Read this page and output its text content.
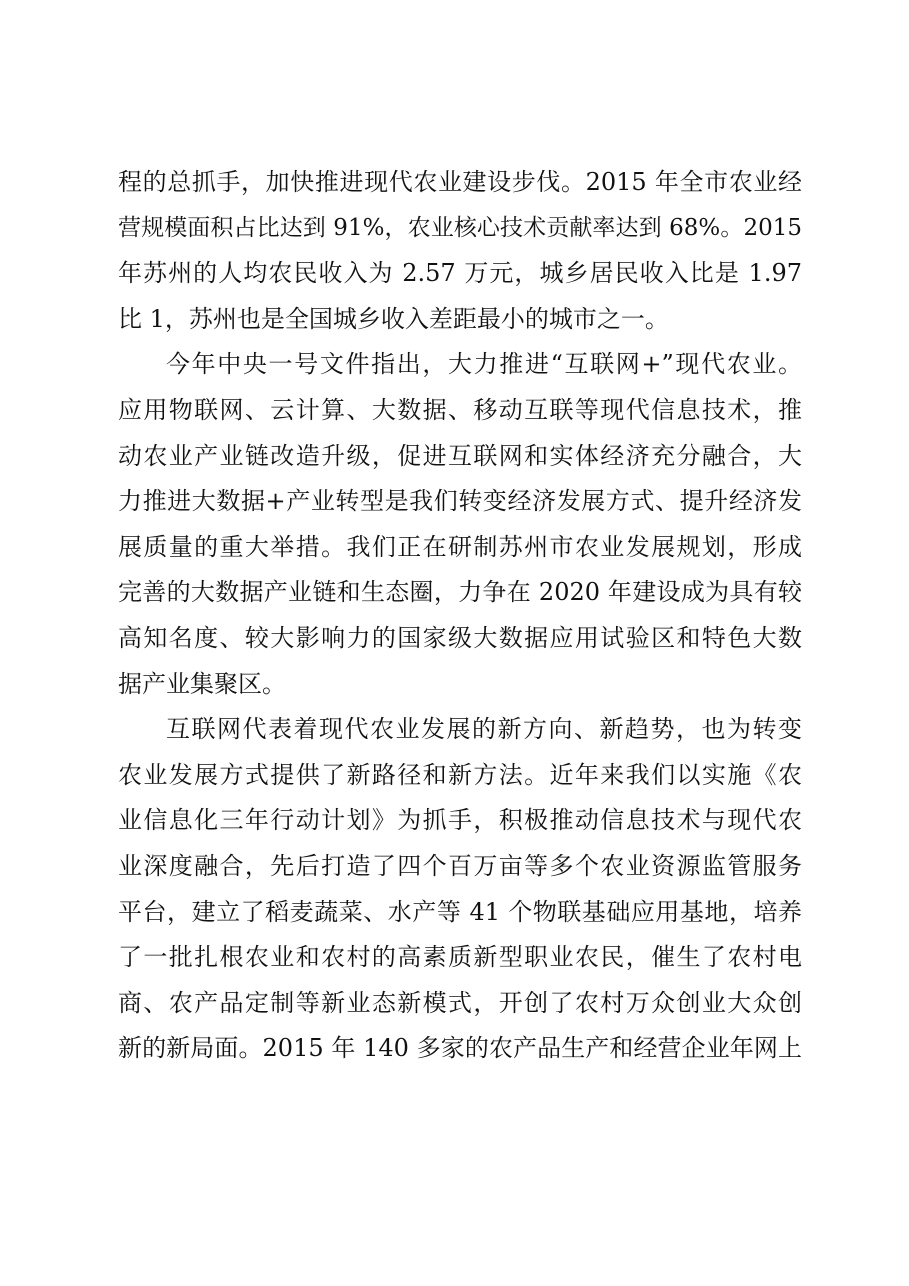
程的总抓手，加快推进现代农业建设步伐。2015 年全市农业经
营规模面积占比达到 91%，农业核心技术贡献率达到 68%。2015
年苏州的人均农民收入为 2.57 万元，城乡居民收入比是 1.97
比 1，苏州也是全国城乡收入差距最小的城市之一。
今年中央一号文件指出，大力推进“互联网+”现代农业。
应用物联网、云计算、大数据、移动互联等现代信息技术，推
动农业产业链改造升级，促进互联网和实体经济充分融合，大
力推进大数据+产业转型是我们转变经济发展方式、提升经济发
展质量的重大举措。我们正在研制苏州市农业发展规划，形成
完善的大数据产业链和生态圈，力争在 2020 年建设成为具有较
高知名度、较大影响力的国家级大数据应用试验区和特色大数
据产业集聚区。
互联网代表着现代农业发展的新方向、新趋势，也为转变
农业发展方式提供了新路径和新方法。近年来我们以实施《农
业信息化三年行动计划》为抓手，积极推动信息技术与现代农
业深度融合，先后打造了四个百万亩等多个农业资源监管服务
平台，建立了稻麦蔬菜、水产等 41 个物联基础应用基地，培养
了一批扎根农业和农村的高素质新型职业农民，催生了农村电
商、农产品定制等新业态新模式，开创了农村万众创业大众创
新的新局面。2015 年 140 多家的农产品生产和经营企业年网上
